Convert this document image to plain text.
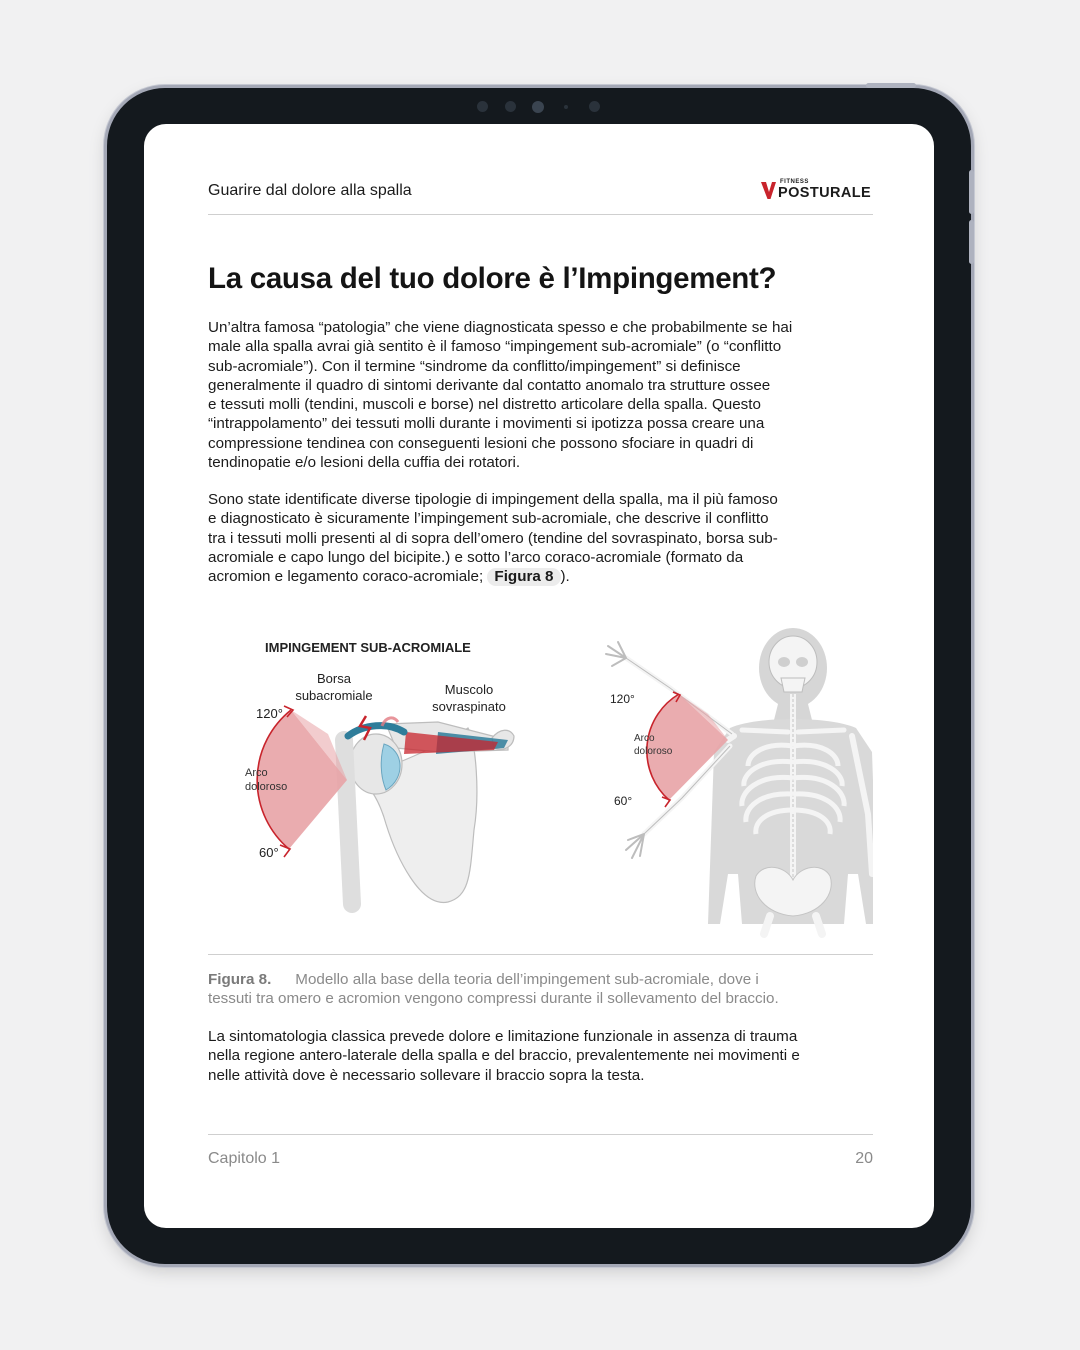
Guarire dal dolore alla spalla	FITNESS
POSTURALE
La causa del tuo dolore è l’Impingement?
Un’altra famosa “patologia” che viene diagnosticata spesso e che probabilmente se hai
male alla spalla avrai già sentito è il famoso “impingement sub-acromiale” (o “conflitto
sub-acromiale”). Con il termine “sindrome da conflitto/impingement” si definisce
generalmente il quadro di sintomi derivante dal contatto anomalo tra strutture ossee
e tessuti molli (tendini, muscoli e borse) nel distretto articolare della spalla. Questo
“intrappolamento” dei tessuti molli durante i movimenti si ipotizza possa creare una
compressione tendinea con conseguenti lesioni che possono sfociare in quadri di
tendinopatie e/o lesioni della cuffia dei rotatori.
Sono state identificate diverse tipologie di impingement della spalla, ma il più famoso
e diagnosticato è sicuramente l’impingement sub-acromiale, che descrive il conflitto
tra i tessuti molli presenti al di sopra dell’omero (tendine del sovraspinato, borsa sub-
acromiale e capo lungo del bicipite.) e sotto l’arco coraco-acromiale (formato da
acromion e legamento coraco-acromiale; Figura 8 ).
IMPINGEMENT SUB-ACROMIALE
Borsa
subacromiale	Muscolo
sovraspinato
120°
60°
Arco
doloroso
120°
60°
Arco
doloroso
Figura 8. Modello alla base della teoria dell’impingement sub-acromiale, dove i
tessuti tra omero e acromion vengono compressi durante il sollevamento del braccio.
La sintomatologia classica prevede dolore e limitazione funzionale in assenza di trauma
nella regione antero-laterale della spalla e del braccio, prevalentemente nei movimenti e
nelle attività dove è necessario sollevare il braccio sopra la testa.
Capitolo 1	20
